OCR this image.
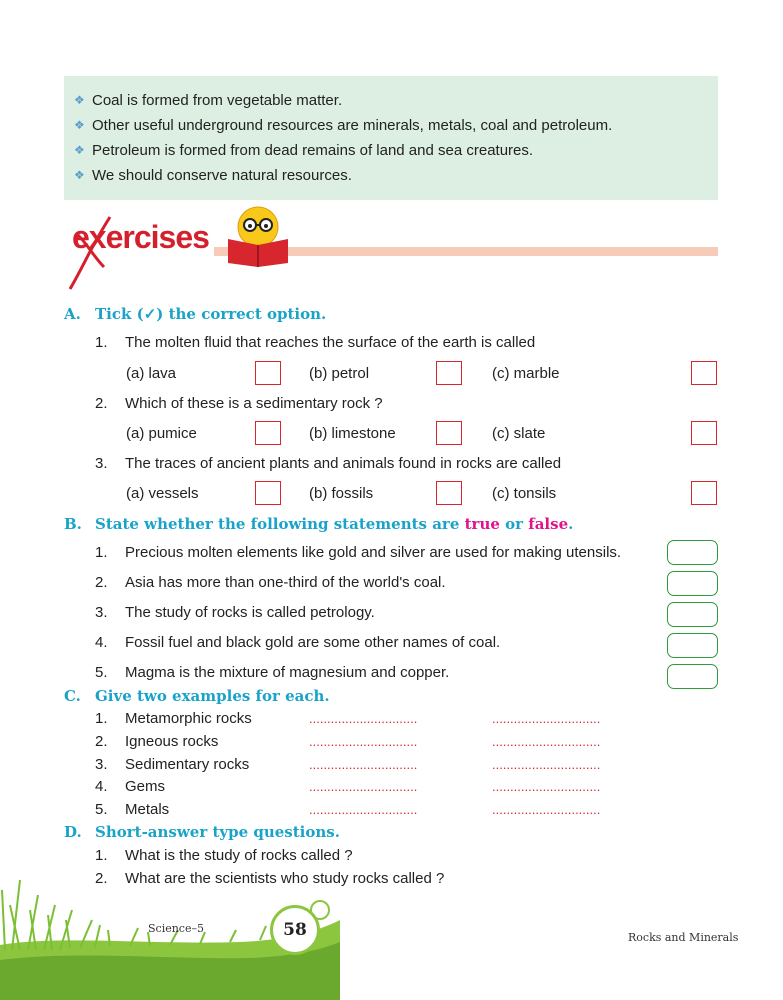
❖ Coal is formed from vegetable matter.
❖ Other useful underground resources are minerals, metals, coal and petroleum.
❖ Petroleum is formed from dead remains of land and sea creatures.
❖ We should conserve natural resources.
exercises
A. Tick (✓) the correct option.
1. The molten fluid that reaches the surface of the earth is called
(a) lava	(b) petrol	(c) marble
2. Which of these is a sedimentary rock ?
(a) pumice	(b) limestone	(c) slate
3. The traces of ancient plants and animals found in rocks are called
(a) vessels	(b) fossils	(c) tonsils
B. State whether the following statements are true or false.
1. Precious molten elements like gold and silver are used for making utensils.
2. Asia has more than one-third of the world's coal.
3. The study of rocks is called petrology.
4. Fossil fuel and black gold are some other names of coal.
5. Magma is the mixture of magnesium and copper.
C. Give two examples for each.
1. Metamorphic rocks	..............................	..............................
2. Igneous rocks	..............................	..............................
3. Sedimentary rocks	..............................	..............................
4. Gems	..............................	..............................
5. Metals	..............................	..............................
D. Short-answer type questions.
1. What is the study of rocks called ?
2. What are the scientists who study rocks called ?
58
Science–5
Rocks and Minerals
